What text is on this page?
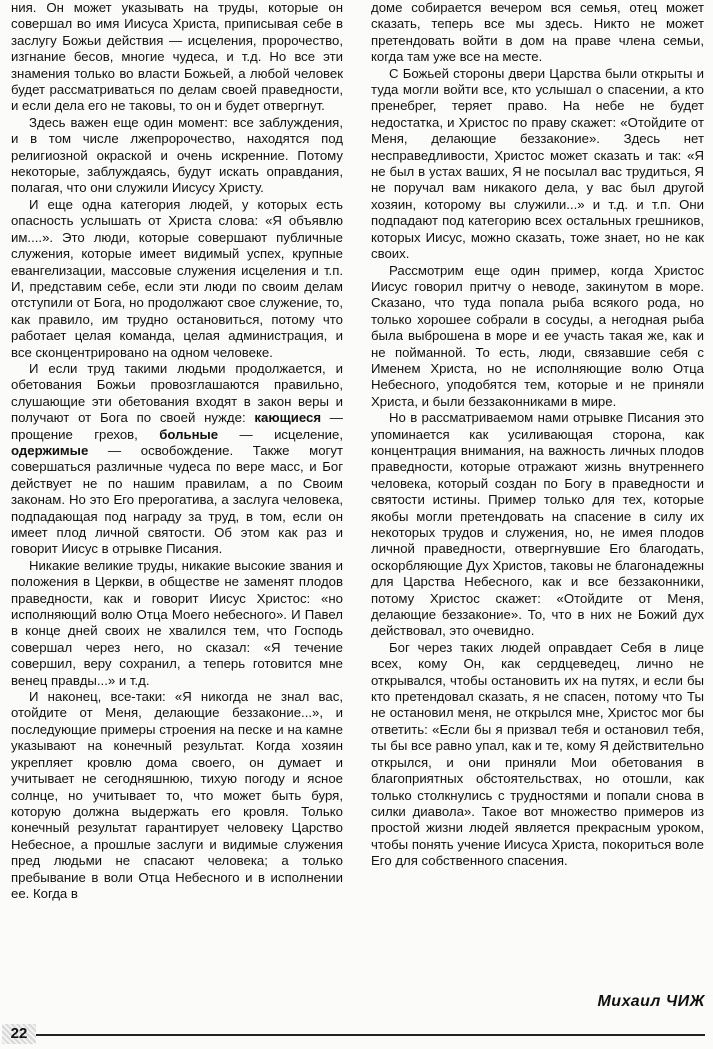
ния. Он может указывать на труды, которые он совершал во имя Иисуса Христа, приписывая себе в заслугу Божьи действия — исцеления, пророчество, изгнание бесов, многие чудеса, и т.д. Но все эти знамения только во власти Божьей, а любой человек будет рассматриваться по делам своей праведности, и если дела его не таковы, то он и будет отвергнут.

Здесь важен еще один момент: все заблуждения, и в том числе лжепророчество, находятся под религиозной окраской и очень искренние. Потому некоторые, заблуждаясь, будут искать оправдания, полагая, что они служили Иисусу Христу.

И еще одна категория людей, у которых есть опасность услышать от Христа слова: «Я объявлю им....». Это люди, которые совершают публичные служения, которые имеет видимый успех, крупные евангелизации, массовые служения исцеления и т.п. И, представим себе, если эти люди по своим делам отступили от Бога, но продолжают свое служение, то, как правило, им трудно остановиться, потому что работает целая команда, целая администрация, и все сконцентрировано на одном человеке.

И если труд такими людьми продолжается, и обетования Божьи провозглашаются правильно, слушающие эти обетования входят в закон веры и получают от Бога по своей нужде: кающиеся — прощение грехов, больные — исцеление, одержимые — освобождение. Также могут совершаться различные чудеса по вере масс, и Бог действует не по нашим правилам, а по Своим законам. Но это Его прерогатива, а заслуга человека, подпадающая под награду за труд, в том, если он имеет плод личной святости. Об этом как раз и говорит Иисус в отрывке Писания.

Никакие великие труды, никакие высокие звания и положения в Церкви, в обществе не заменят плодов праведности, как и говорит Иисус Христос: «но исполняющий волю Отца Моего небесного». И Павел в конце дней своих не хвалился тем, что Господь совершал через него, но сказал: «Я течение совершил, веру сохранил, а теперь готовится мне венец правды...» и т.д.

И наконец, все-таки: «Я никогда не знал вас, отойдите от Меня, делающие беззаконие...», и последующие примеры строения на песке и на камне указывают на конечный результат. Когда хозяин укрепляет кровлю дома своего, он думает и учитывает не сегодняшнюю, тихую погоду и ясное солнце, но учитывает то, что может быть буря, которую должна выдержать его кровля. Только конечный результат гарантирует человеку Царство Небесное, а прошлые заслуги и видимые служения пред людьми не спасают человека; а только пребывание в воли Отца Небесного и в исполнении ее. Когда в

доме собирается вечером вся семья, отец может сказать, теперь все мы здесь. Никто не может претендовать войти в дом на праве члена семьи, когда там уже все на месте.

С Божьей стороны двери Царства были открыты и туда могли войти все, кто услышал о спасении, а кто пренебрег, теряет право. На небе не будет недостатка, и Христос по праву скажет: «Отойдите от Меня, делающие беззаконие». Здесь нет несправедливости, Христос может сказать и так: «Я не был в устах ваших, Я не посылал вас трудиться, Я не поручал вам никакого дела, у вас был другой хозяин, которому вы служили...» и т.д. и т.п. Они подпадают под категорию всех остальных грешников, которых Иисус, можно сказать, тоже знает, но не как своих.

Рассмотрим еще один пример, когда Христос Иисус говорил притчу о неводе, закинутом в море. Сказано, что туда попала рыба всякого рода, но только хорошее собрали в сосуды, а негодная рыба была выброшена в море и ее участь такая же, как и не пойманной. То есть, люди, связавшие себя с Именем Христа, но не исполняющие волю Отца Небесного, уподобятся тем, которые и не приняли Христа, и были беззаконниками в мире.

Но в рассматриваемом нами отрывке Писания это упоминается как усиливающая сторона, как концентрация внимания, на важность личных плодов праведности, которые отражают жизнь внутреннего человека, который создан по Богу в праведности и святости истины. Пример только для тех, которые якобы могли претендовать на спасение в силу их некоторых трудов и служения, но, не имея плодов личной праведности, отвергнувшие Его благодать, оскорбляющие Дух Христов, таковы не благонадежны для Царства Небесного, как и все беззаконники, потому Христос скажет: «Отойдите от Меня, делающие беззаконие». То, что в них не Божий дух действовал, это очевидно.

Бог через таких людей оправдает Себя в лице всех, кому Он, как сердцеведец, лично не открывался, чтобы остановить их на путях, и если бы кто претендовал сказать, я не спасен, потому что Ты не остановил меня, не открылся мне, Христос мог бы ответить: «Если бы я призвал тебя и остановил тебя, ты бы все равно упал, как и те, кому Я действительно открылся, и они приняли Мои обетования в благоприятных обстоятельствах, но отошли, как только столкнулись с трудностями и попали снова в силки диавола». Такое вот множество примеров из простой жизни людей является прекрасным уроком, чтобы понять учение Иисуса Христа, покориться воле Его для собственного спасения.

Михаил ЧИЖ
22
